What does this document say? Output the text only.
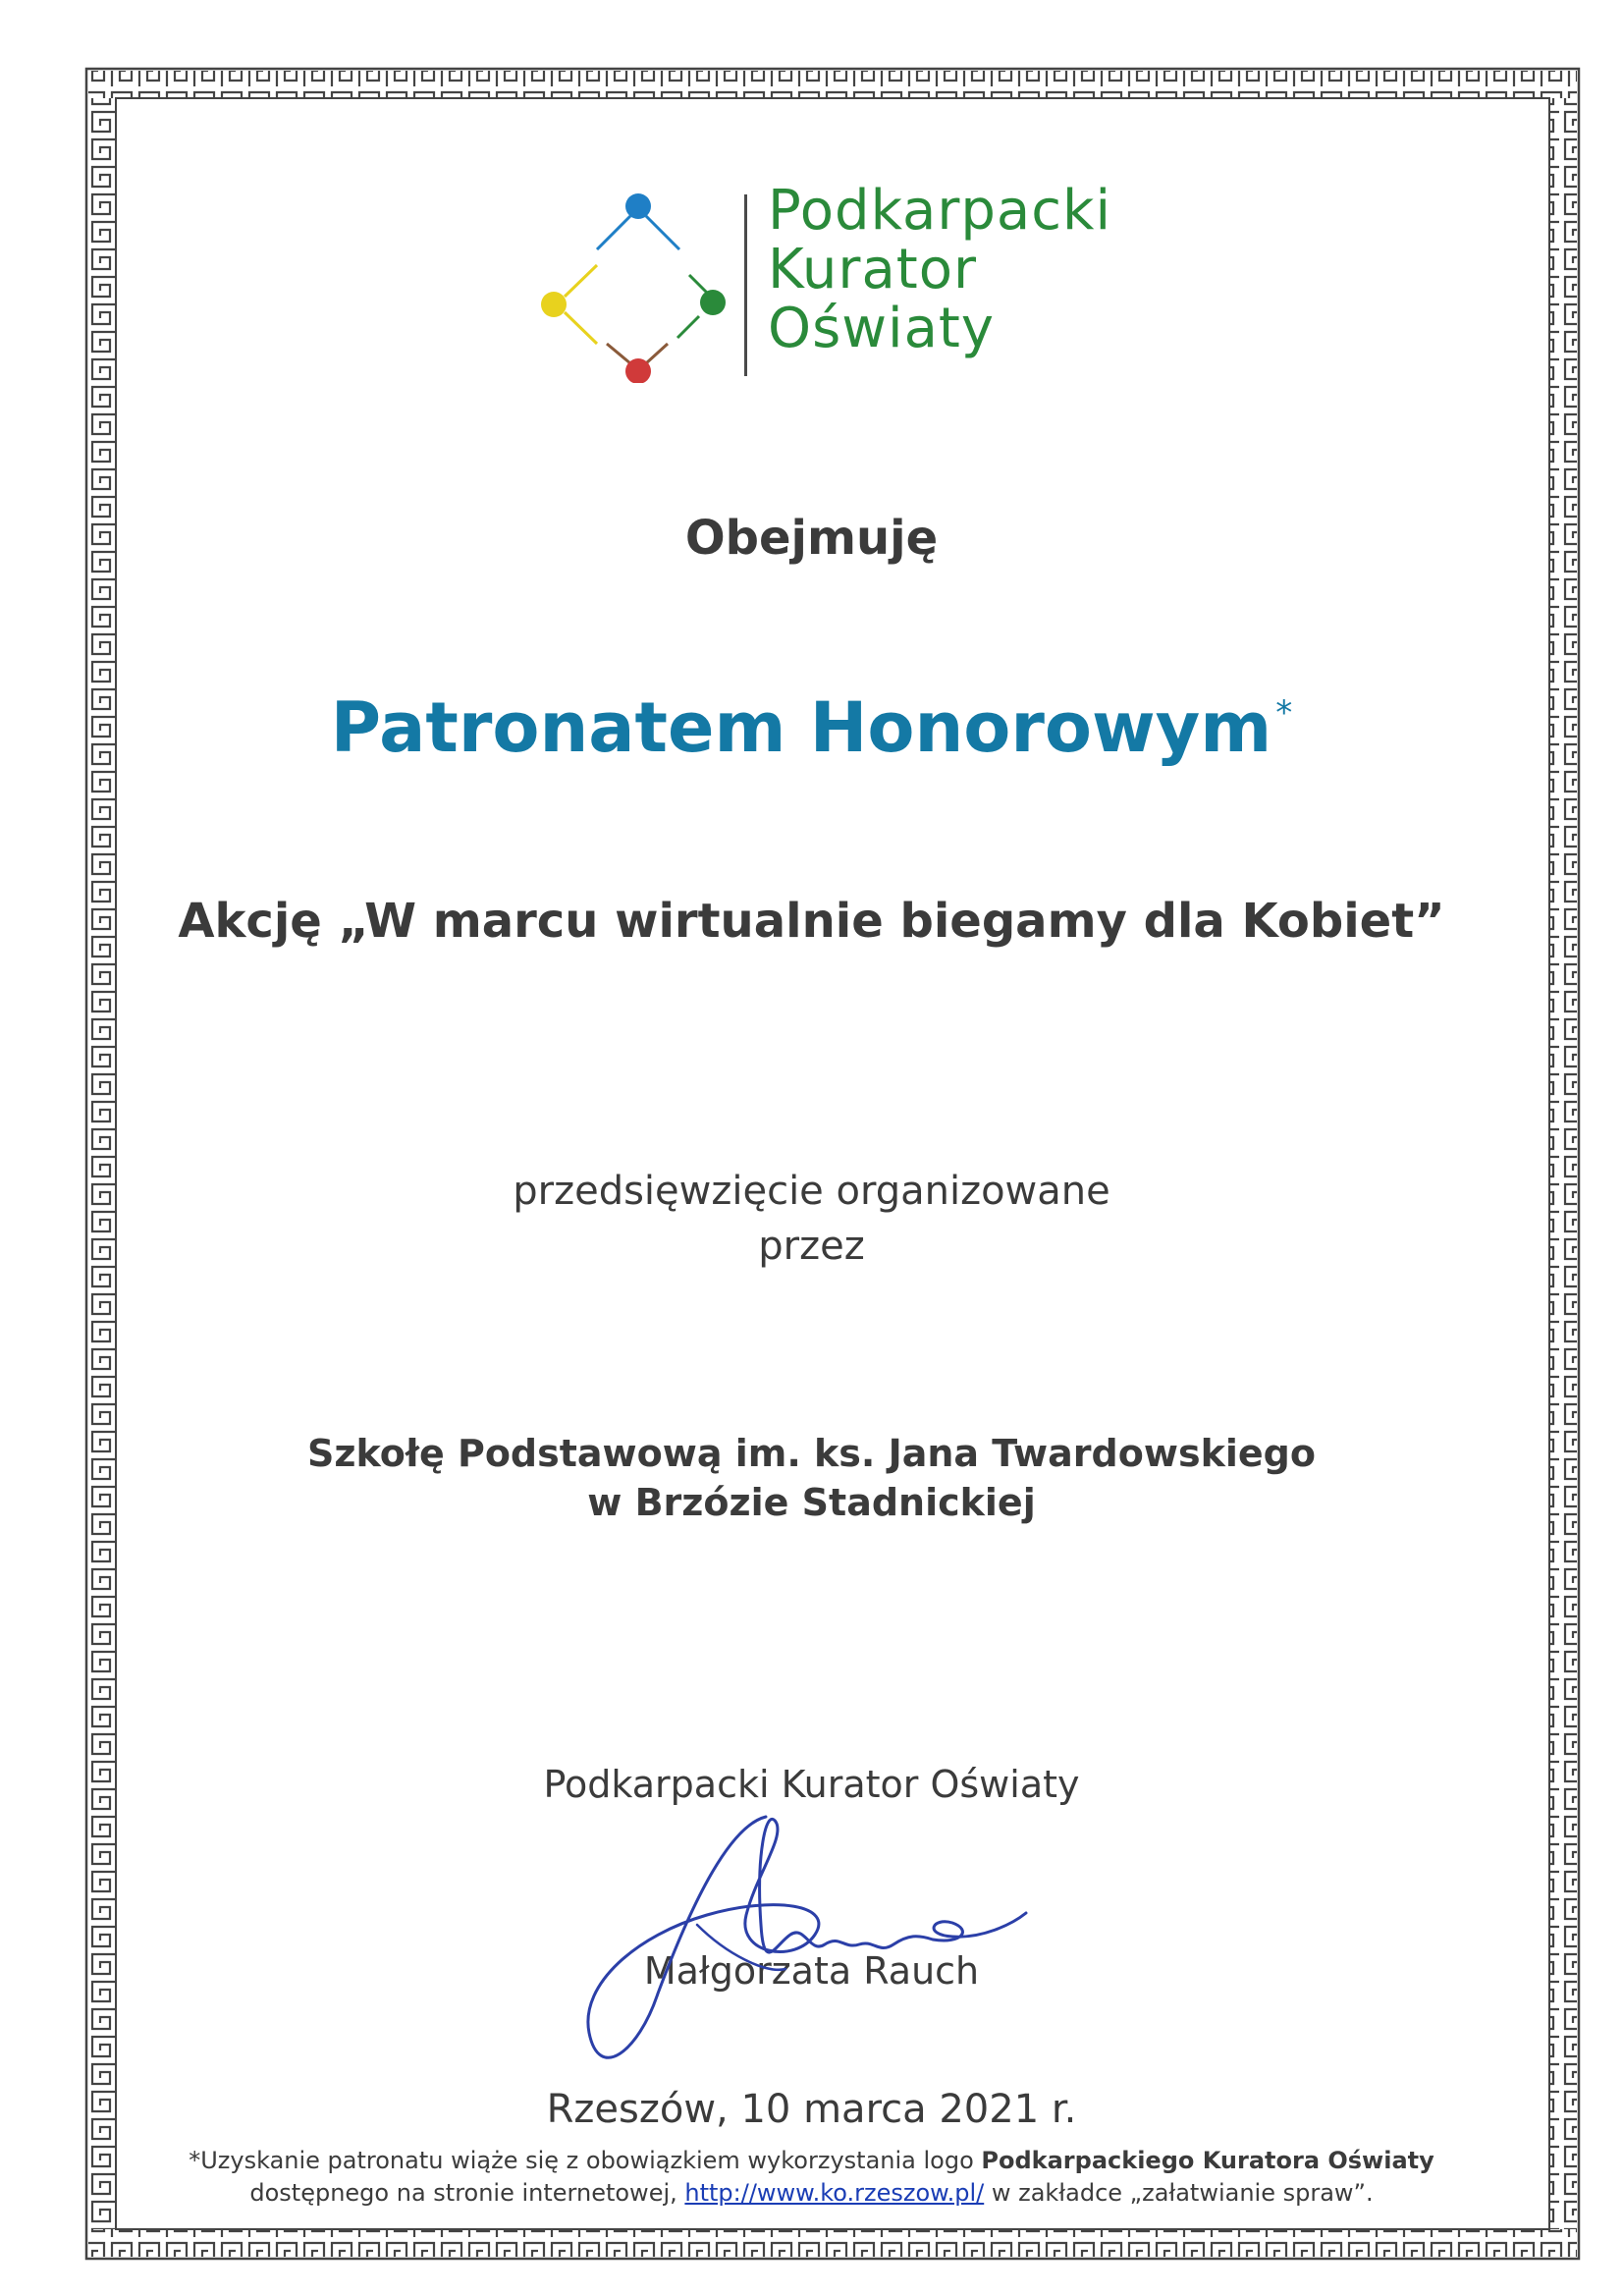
Podkarpacki
Kurator
Oświaty
Obejmuję
Patronatem Honorowym *
Akcję „W marcu wirtualnie biegamy dla Kobiet”
przedsięwzięcie organizowane
przez
Szkołę Podstawową im. ks. Jana Twardowskiego
w Brzózie Stadnickiej
Podkarpacki Kurator Oświaty
Małgorzata Rauch
Rzeszów, 10 marca 2021 r.
*Uzyskanie patronatu wiąże się z obowiązkiem wykorzystania logo Podkarpackiego Kuratora Oświaty
dostępnego na stronie internetowej, http://www.ko.rzeszow.pl/ w zakładce „załatwianie spraw”.
